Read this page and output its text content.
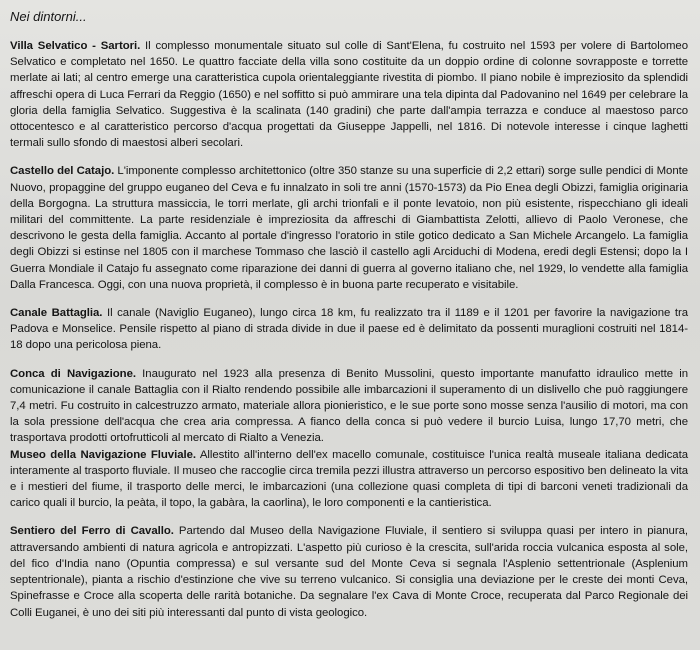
Nei dintorni...

Villa Selvatico - Sartori. Il complesso monumentale situato sul colle di Sant'Elena, fu costruito nel 1593 per volere di Bartolomeo Selvatico e completato nel 1650. Le quattro facciate della villa sono costituite da un doppio ordine di colonne sovrapposte e torrette merlate ai lati; al centro emerge una caratteristica cupola orientaleggiante rivestita di piombo. Il piano nobile è impreziosito da splendidi affreschi opera di Luca Ferrari da Reggio (1650) e nel soffitto si può ammirare una tela dipinta dal Padovanino nel 1649 per celebrare la gloria della famiglia Selvatico. Suggestiva è la scalinata (140 gradini) che parte dall'ampia terrazza e conduce al maestoso parco ottocentesco e al caratteristico percorso d'acqua progettati da Giuseppe Jappelli, nel 1816. Di notevole interesse i cinque laghetti termali sullo sfondo di maestosi alberi secolari.

Castello del Catajo. L'imponente complesso architettonico (oltre 350 stanze su una superficie di 2,2 ettari) sorge sulle pendici di Monte Nuovo, propaggine del gruppo euganeo del Ceva e fu innalzato in soli tre anni (1570-1573) da Pio Enea degli Obizzi, famiglia originaria della Borgogna. La struttura massiccia, le torri merlate, gli archi trionfali e il ponte levatoio, non più esistente, rispecchiano gli ideali militari del committente. La parte residenziale è impreziosita da affreschi di Giambattista Zelotti, allievo di Paolo Veronese, che descrivono le gesta della famiglia. Accanto al portale d'ingresso l'oratorio in stile gotico dedicato a San Michele Arcangelo. La famiglia degli Obizzi si estinse nel 1805 con il marchese Tommaso che lasciò il castello agli Arciduchi di Modena, eredi degli Estensi; dopo la I Guerra Mondiale il Catajo fu assegnato come riparazione dei danni di guerra al governo italiano che, nel 1929, lo vendette alla famiglia Dalla Francesca. Oggi, con una nuova proprietà, il complesso è in buona parte recuperato e visitabile.

Canale Battaglia. Il canale (Naviglio Euganeo), lungo circa 18 km, fu realizzato tra il 1189 e il 1201 per favorire la navigazione tra Padova e Monselice. Pensile rispetto al piano di strada divide in due il paese ed è delimitato da possenti muraglioni costruiti nel 1814-18 dopo una pericolosa piena.

Conca di Navigazione. Inaugurato nel 1923 alla presenza di Benito Mussolini, questo importante manufatto idraulico mette in comunicazione il canale Battaglia con il Rialto rendendo possibile alle imbarcazioni il superamento di un dislivello che può raggiungere 7,4 metri. Fu costruito in calcestruzzo armato, materiale allora pionieristico, e le sue porte sono mosse senza l'ausilio di motori, ma con la sola pressione dell'acqua che crea aria compressa. A fianco della conca si può vedere il burcio Luisa, lungo 17,70 metri, che trasportava prodotti ortofrutticoli al mercato di Rialto a Venezia.

Museo della Navigazione Fluviale. Allestito all'interno dell'ex macello comunale, costituisce l'unica realtà museale italiana dedicata interamente al trasporto fluviale. Il museo che raccoglie circa tremila pezzi illustra attraverso un percorso espositivo ben delineato la vita e i mestieri del fiume, il trasporto delle merci, le imbarcazioni (una collezione quasi completa di tipi di barconi veneti tradizionali da carico quali il burcio, la peàta, il topo, la gabàra, la caorlina), le loro componenti e la cantieristica.

Sentiero del Ferro di Cavallo. Partendo dal Museo della Navigazione Fluviale, il sentiero si sviluppa quasi per intero in pianura, attraversando ambienti di natura agricola e antropizzati. L'aspetto più curioso è la crescita, sull'arida roccia vulcanica esposta al sole, del fico d'India nano (Opuntia compressa) e sul versante sud del Monte Ceva si segnala l'Asplenio settentrionale (Asplenium septentrionale), pianta a rischio d'estinzione che vive su terreno vulcanico. Si consiglia una deviazione per le creste dei monti Ceva, Spinefrasse e Croce alla scoperta delle rarità botaniche. Da segnalare l'ex Cava di Monte Croce, recuperata dal Parco Regionale dei Colli Euganei, è uno dei siti più interessanti dal punto di vista geologico.
